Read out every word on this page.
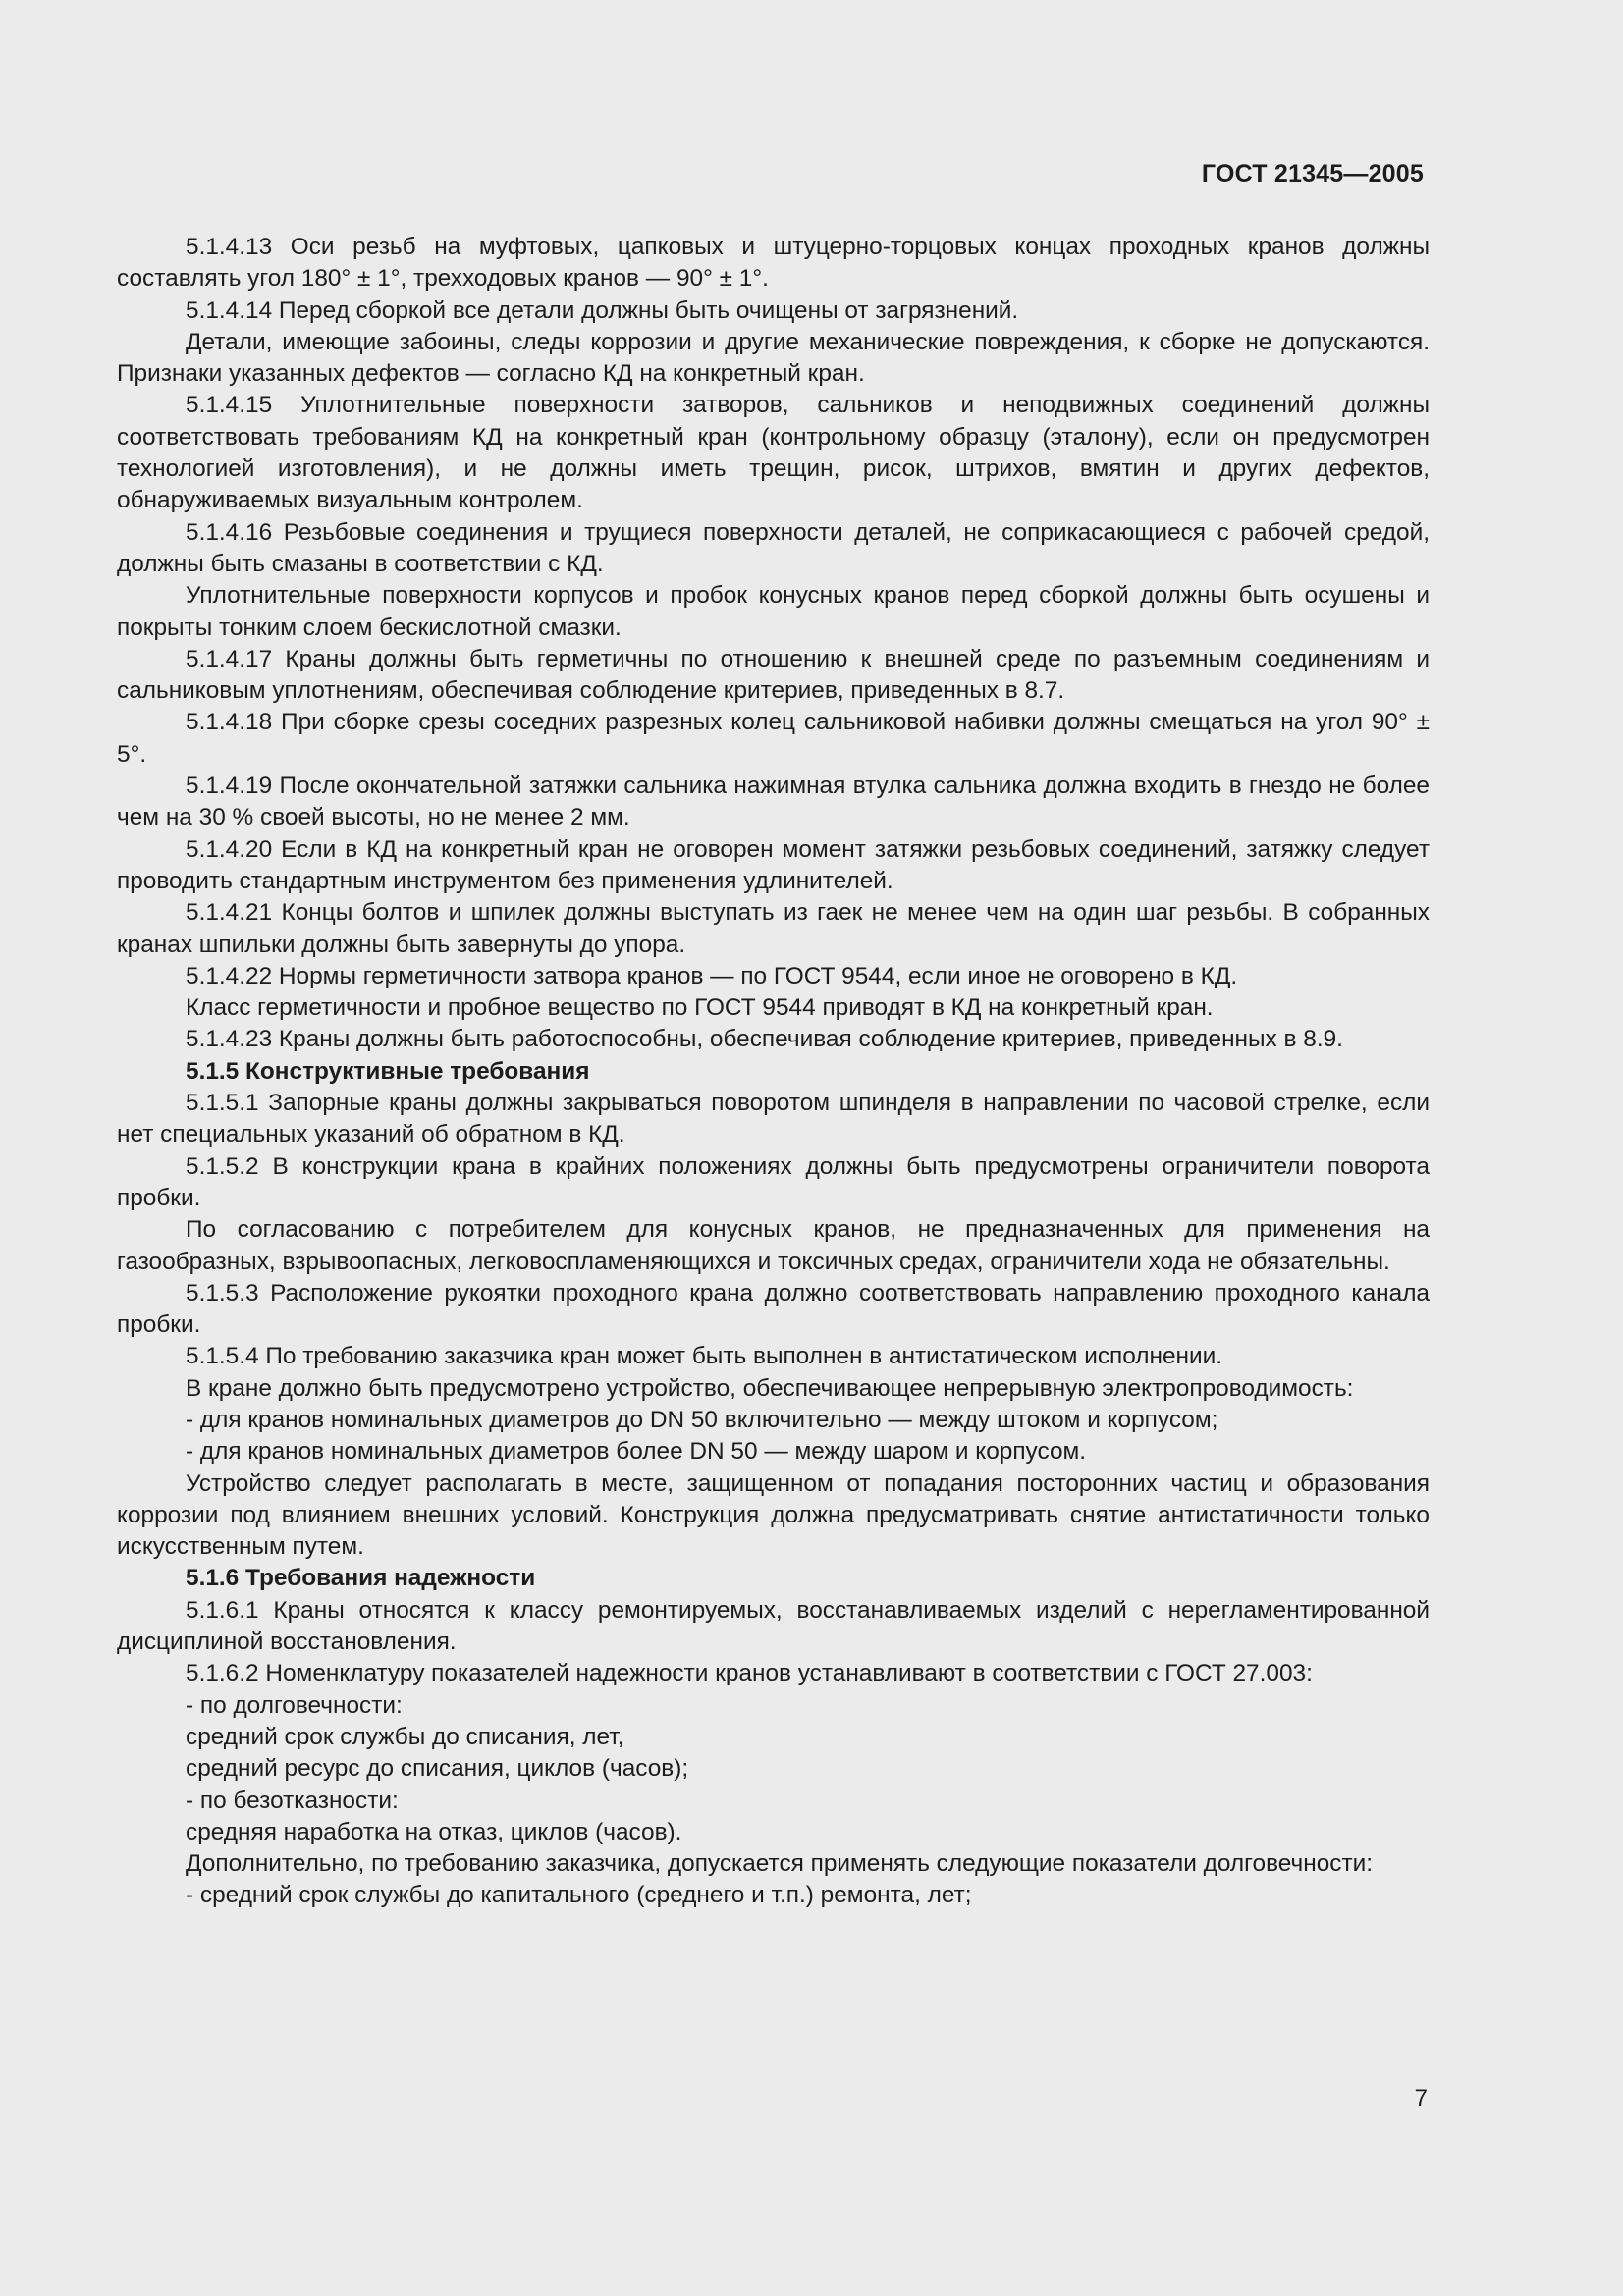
ГОСТ 21345—2005

5.1.4.13 Оси резьб на муфтовых, цапковых и штуцерно-торцовых концах проходных кранов должны составлять угол 180° ± 1°, трехходовых кранов — 90° ± 1°.

5.1.4.14 Перед сборкой все детали должны быть очищены от загрязнений.

Детали, имеющие забоины, следы коррозии и другие механические повреждения, к сборке не допускаются. Признаки указанных дефектов — согласно КД на конкретный кран.

5.1.4.15 Уплотнительные поверхности затворов, сальников и неподвижных соединений должны соответствовать требованиям КД на конкретный кран (контрольному образцу (эталону), если он предусмотрен технологией изготовления), и не должны иметь трещин, рисок, штрихов, вмятин и других дефектов, обнаруживаемых визуальным контролем.

5.1.4.16 Резьбовые соединения и трущиеся поверхности деталей, не соприкасающиеся с рабочей средой, должны быть смазаны в соответствии с КД.

Уплотнительные поверхности корпусов и пробок конусных кранов перед сборкой должны быть осушены и покрыты тонким слоем бескислотной смазки.

5.1.4.17 Краны должны быть герметичны по отношению к внешней среде по разъемным соединениям и сальниковым уплотнениям, обеспечивая соблюдение критериев, приведенных в 8.7.

5.1.4.18 При сборке срезы соседних разрезных колец сальниковой набивки должны смещаться на угол 90° ± 5°.

5.1.4.19 После окончательной затяжки сальника нажимная втулка сальника должна входить в гнездо не более чем на 30 % своей высоты, но не менее 2 мм.

5.1.4.20 Если в КД на конкретный кран не оговорен момент затяжки резьбовых соединений, затяжку следует проводить стандартным инструментом без применения удлинителей.

5.1.4.21 Концы болтов и шпилек должны выступать из гаек не менее чем на один шаг резьбы. В собранных кранах шпильки должны быть завернуты до упора.

5.1.4.22 Нормы герметичности затвора кранов — по ГОСТ 9544, если иное не оговорено в КД.

Класс герметичности и пробное вещество по ГОСТ 9544 приводят в КД на конкретный кран.

5.1.4.23 Краны должны быть работоспособны, обеспечивая соблюдение критериев, приведенных в 8.9.

5.1.5 Конструктивные требования

5.1.5.1 Запорные краны должны закрываться поворотом шпинделя в направлении по часовой стрелке, если нет специальных указаний об обратном в КД.

5.1.5.2 В конструкции крана в крайних положениях должны быть предусмотрены ограничители поворота пробки.

По согласованию с потребителем для конусных кранов, не предназначенных для применения на газообразных, взрывоопасных, легковоспламеняющихся и токсичных средах, ограничители хода не обязательны.

5.1.5.3 Расположение рукоятки проходного крана должно соответствовать направлению проходного канала пробки.

5.1.5.4 По требованию заказчика кран может быть выполнен в антистатическом исполнении.

В кране должно быть предусмотрено устройство, обеспечивающее непрерывную электропроводимость:

- для кранов номинальных диаметров до DN 50 включительно — между штоком и корпусом;

- для кранов номинальных диаметров более DN 50 — между шаром и корпусом.

Устройство следует располагать в месте, защищенном от попадания посторонних частиц и образования коррозии под влиянием внешних условий. Конструкция должна предусматривать снятие антистатичности только искусственным путем.

5.1.6 Требования надежности

5.1.6.1 Краны относятся к классу ремонтируемых, восстанавливаемых изделий с нерегламентированной дисциплиной восстановления.

5.1.6.2 Номенклатуру показателей надежности кранов устанавливают в соответствии с ГОСТ 27.003:

- по долговечности:

средний срок службы до списания, лет,

средний ресурс до списания, циклов (часов);

- по безотказности:

средняя наработка на отказ, циклов (часов).

Дополнительно, по требованию заказчика, допускается применять следующие показатели долговечности:

- средний срок службы до капитального (среднего и т.п.) ремонта, лет;

7
